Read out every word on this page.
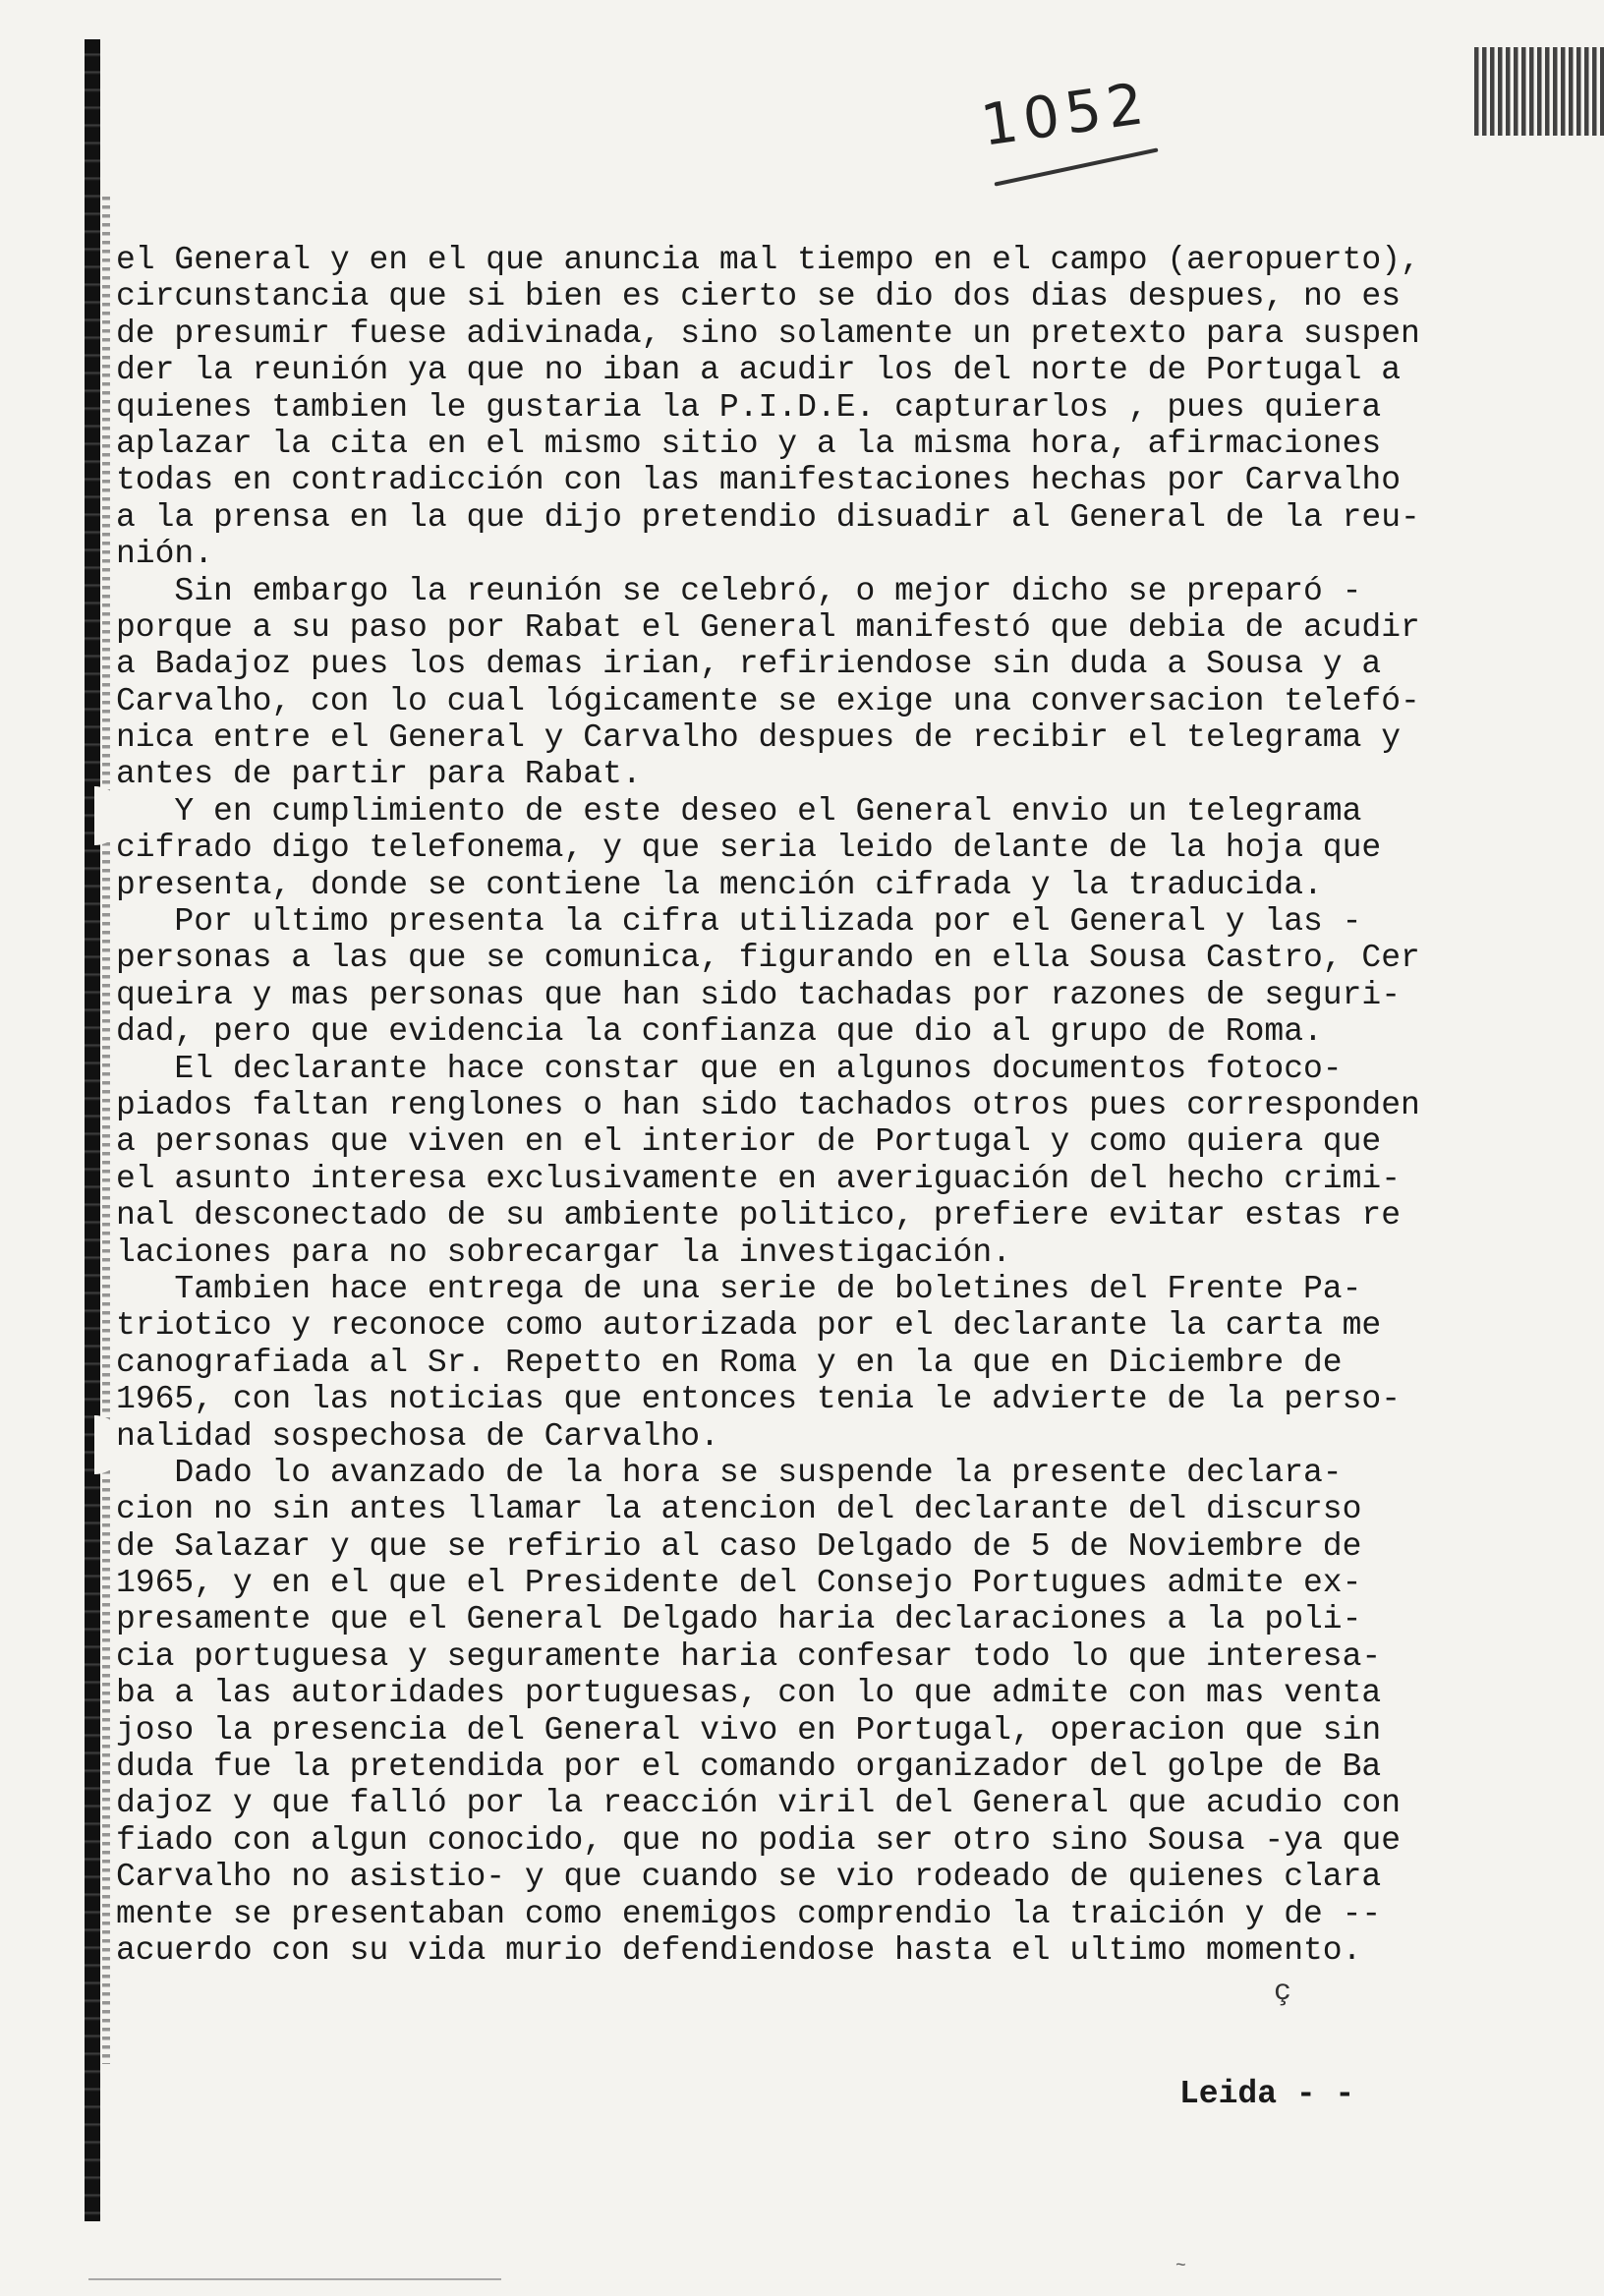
1052
el General y en el que anuncia mal tiempo en el campo (aeropuerto),
circunstancia que si bien es cierto se dio dos dias despues, no es
de presumir fuese adivinada, sino solamente un pretexto para suspen
der la reunión ya que no iban a acudir los del norte de Portugal a
quienes tambien le gustaria la P.I.D.E. capturarlos , pues quiera
aplazar la cita en el mismo sitio y a la misma hora, afirmaciones
todas en contradicción con las manifestaciones hechas por Carvalho
a la prensa en la que dijo pretendio disuadir al General de la reu-
nión.
Sin embargo la reunión se celebró, o mejor dicho se preparó -
porque a su paso por Rabat el General manifestó que debia de acudir
a Badajoz pues los demas irian, refiriendose sin duda a Sousa y a
Carvalho, con lo cual lógicamente se exige una conversacion telefó-
nica entre el General y Carvalho despues de recibir el telegrama y
antes de partir para Rabat.
Y en cumplimiento de este deseo el General envio un telegrama
cifrado digo telefonema, y que seria leido delante de la hoja que
presenta, donde se contiene la mención cifrada y la traducida.
Por ultimo presenta la cifra utilizada por el General y las -
personas a las que se comunica, figurando en ella Sousa Castro, Cer
queira y mas personas que han sido tachadas por razones de seguri-
dad, pero que evidencia la confianza que dio al grupo de Roma.
El declarante hace constar que en algunos documentos fotoco-
piados faltan renglones o han sido tachados otros pues corresponden
a personas que viven en el interior de Portugal y como quiera que
el asunto interesa exclusivamente en averiguación del hecho crimi-
nal desconectado de su ambiente politico, prefiere evitar estas re
laciones para no sobrecargar la investigación.
Tambien hace entrega de una serie de boletines del Frente Pa-
triotico y reconoce como autorizada por el declarante la carta me
canografiada al Sr. Repetto en Roma y en la que en Diciembre de
1965, con las noticias que entonces tenia le advierte de la perso-
nalidad sospechosa de Carvalho.
Dado lo avanzado de la hora se suspende la presente declara-
cion no sin antes llamar la atencion del declarante del discurso
de Salazar y que se refirio al caso Delgado de 5 de Noviembre de
1965, y en el que el Presidente del Consejo Portugues admite ex-
presamente que el General Delgado haria declaraciones a la poli-
cia portuguesa y seguramente haria confesar todo lo que interesa-
ba a las autoridades portuguesas, con lo que admite con mas venta
joso la presencia del General vivo en Portugal, operacion que sin
duda fue la pretendida por el comando organizador del golpe de Ba
dajoz y que falló por la reacción viril del General que acudio con
fiado con algun conocido, que no podia ser otro sino Sousa -ya que
Carvalho no asistio- y que cuando se vio rodeado de quienes clara
mente se presentaban como enemigos comprendio la traición y de --
acuerdo con su vida murio defendiendose hasta el ultimo momento.
ç
Leida - -
~
